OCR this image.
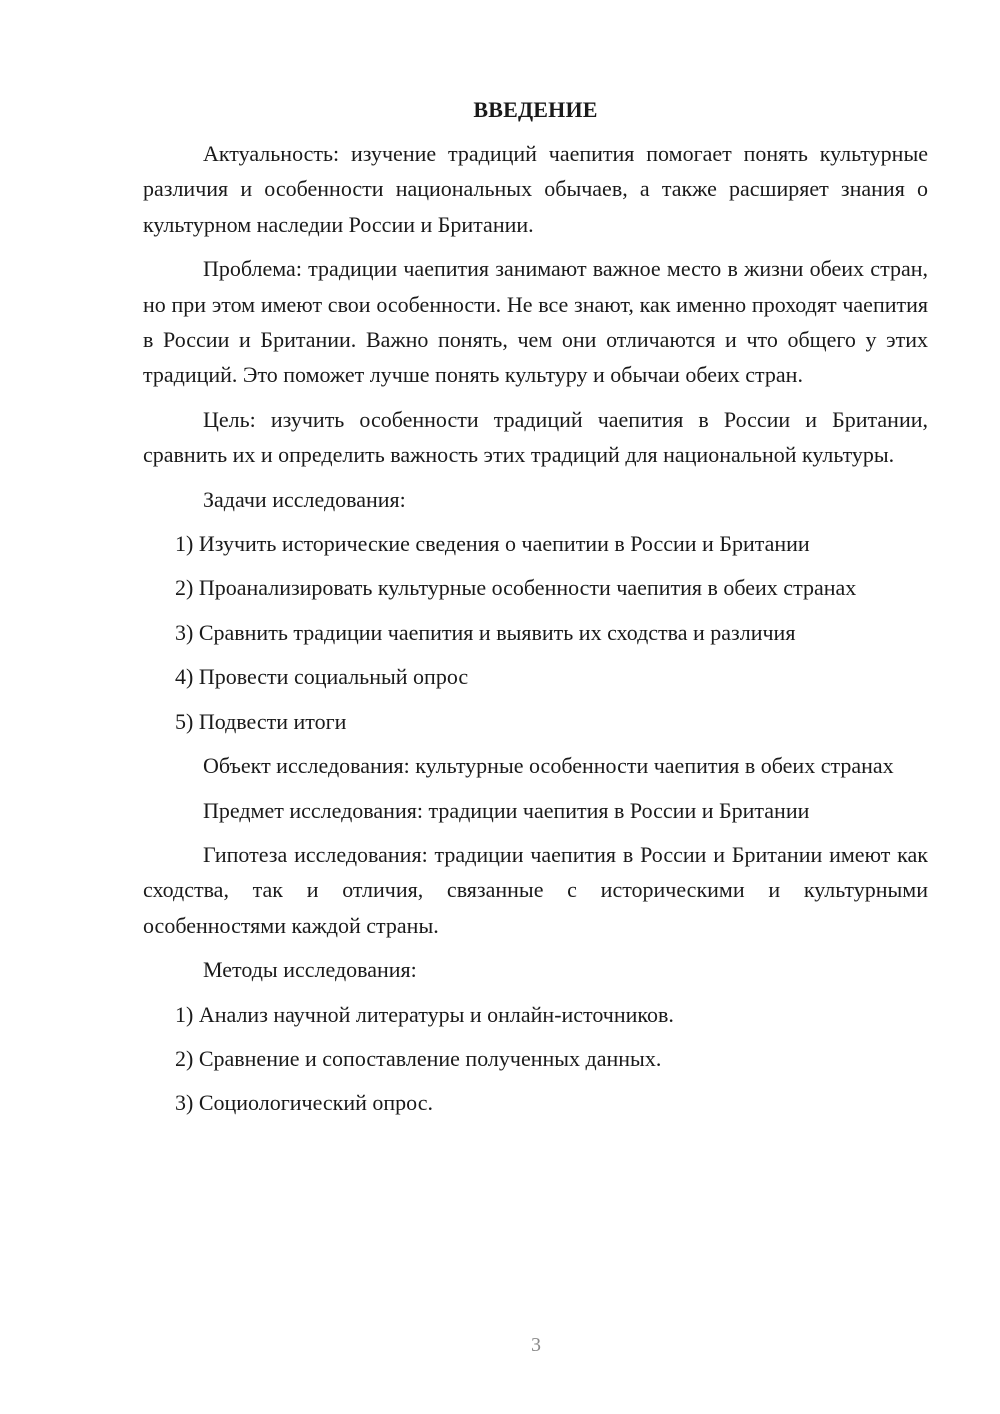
ВВЕДЕНИЕ

Актуальность: изучение традиций чаепития помогает понять культурные различия и особенности национальных обычаев, а также расширяет знания о культурном наследии России и Британии.

Проблема: традиции чаепития занимают важное место в жизни обеих стран, но при этом имеют свои особенности. Не все знают, как именно проходят чаепития в России и Британии. Важно понять, чем они отличаются и что общего у этих традиций. Это поможет лучше понять культуру и обычаи обеих стран.

Цель: изучить особенности традиций чаепития в России и Британии, сравнить их и определить важность этих традиций для национальной культуры.

Задачи исследования:

1) Изучить исторические сведения о чаепитии в России и Британии

2) Проанализировать культурные особенности чаепития в обеих странах

3) Сравнить традиции чаепития и выявить их сходства и различия

4) Провести социальный опрос

5) Подвести итоги

Объект исследования: культурные особенности чаепития в обеих странах

Предмет исследования: традиции чаепития в России и Британии

Гипотеза исследования: традиции чаепития в России и Британии имеют как сходства, так и отличия, связанные с историческими и культурными особенностями каждой страны.

Методы исследования:

1) Анализ научной литературы и онлайн-источников.

2) Сравнение и сопоставление полученных данных.

3) Социологический опрос.

3
